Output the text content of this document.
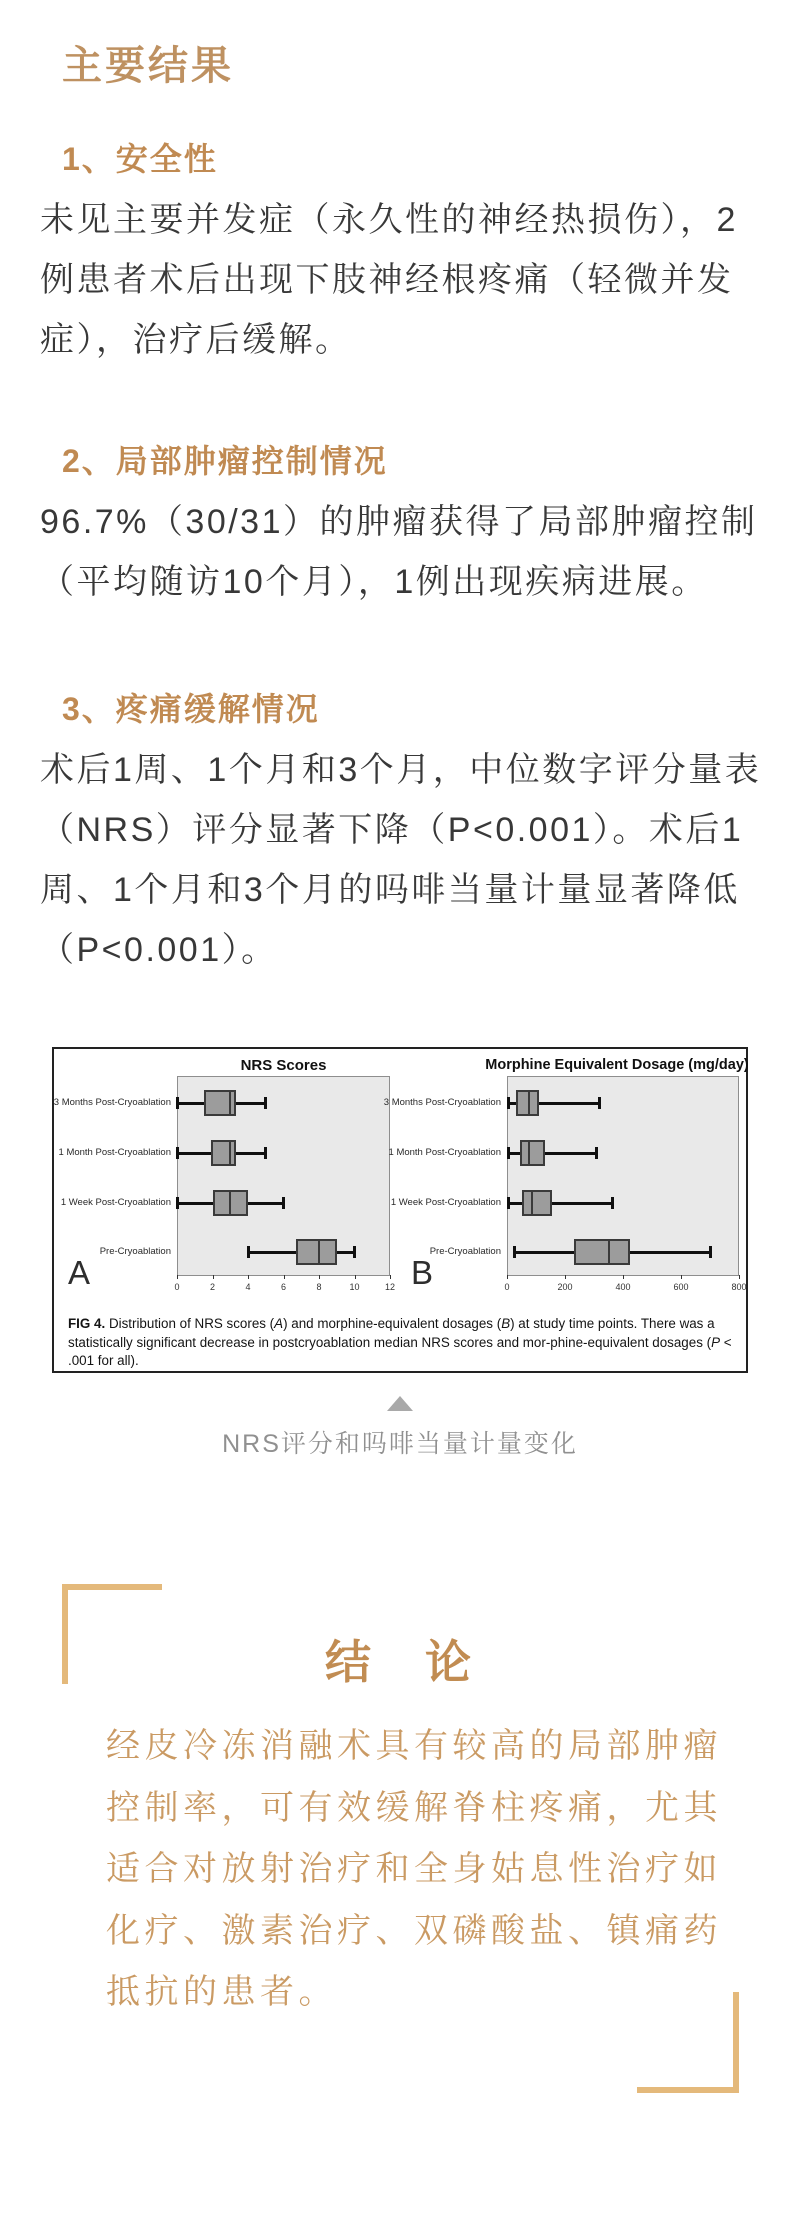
主要结果
1、安全性
未见主要并发症（永久性的神经热损伤），2
例患者术后出现下肢神经根疼痛（轻微并发
症），治疗后缓解。
2、局部肿瘤控制情况
96.7%（30/31）的肿瘤获得了局部肿瘤控制
（平均随访10个月），1例出现疾病进展。
3、疼痛缓解情况
术后1周、1个月和3个月，中位数字评分量表
（NRS）评分显著下降（P<0.001）。术后1
周、1个月和3个月的吗啡当量计量显著降低
（P<0.001）。
NRS Scores	Morphine Equivalent Dosage (mg/day)
A	B
FIG 4. Distribution of NRS scores (A) and morphine-equivalent dosages (B) at study time points. There was a statistically significant decrease in postcryoablation median NRS scores and mor-phine-equivalent dosages (P < .001 for all).
3 Months Post-Cryoablation
1 Month Post-Cryoablation
1 Week Post-Cryoablation
Pre-Cryoablation
0	2	4	6	8	10	12
3 Months Post-Cryoablation
1 Month Post-Cryoablation
1 Week Post-Cryoablation
Pre-Cryoablation
0	200	400	600	800
NRS评分和吗啡当量计量变化
结　论
经皮冷冻消融术具有较高的局部肿瘤
控制率，可有效缓解脊柱疼痛，尤其
适合对放射治疗和全身姑息性治疗如
化疗、激素治疗、双磷酸盐、镇痛药
抵抗的患者。
